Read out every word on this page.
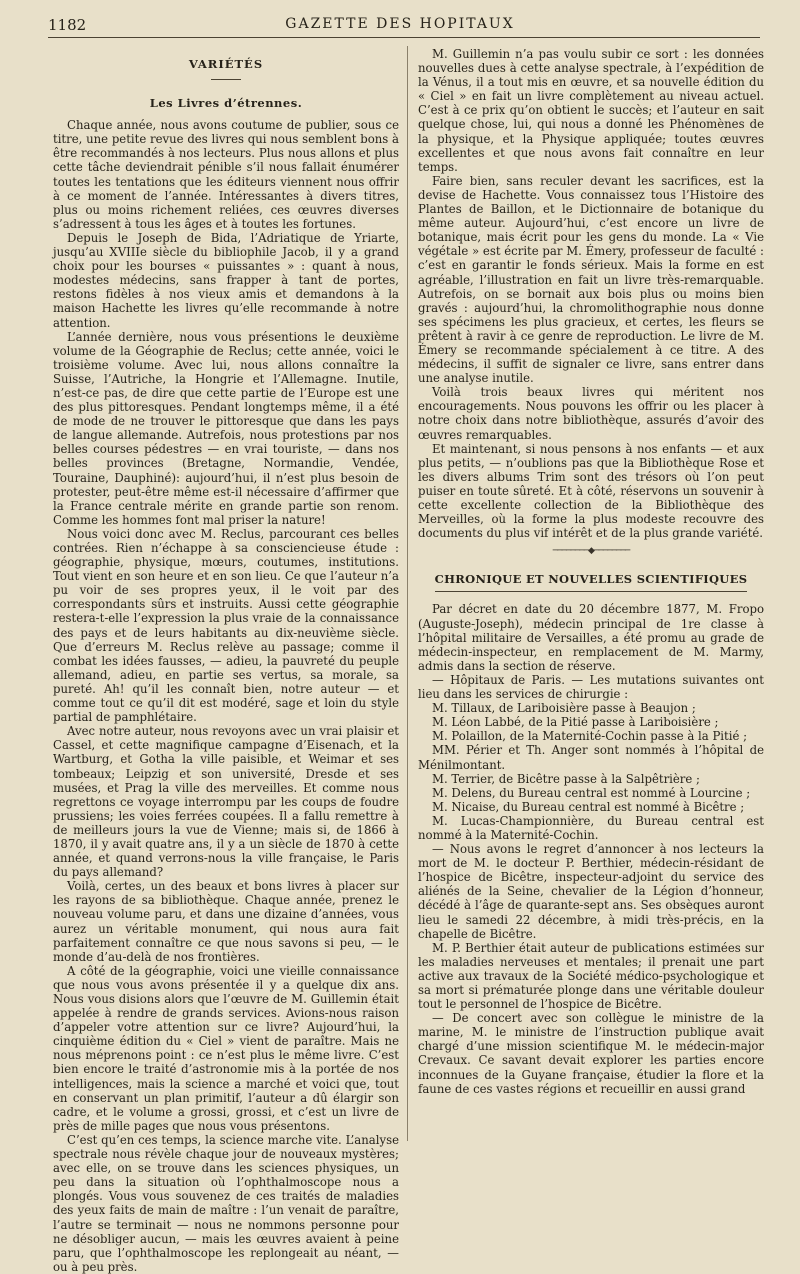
1182	GAZETTE DES HOPITAUX
VARIÉTÉS
Les Livres d’étrennes.

Chaque année, nous avons coutume de publier, sous ce titre, une petite revue des livres qui nous semblent bons à être recommandés à nos lecteurs. Plus nous allons et plus cette tâche deviendrait pénible s’il nous fallait énumérer toutes les tentations que les éditeurs viennent nous offrir à ce moment de l’année. Intéressantes à divers titres, plus ou moins richement reliées, ces œuvres diverses s’adressent à tous les âges et à toutes les fortunes.

Depuis le Joseph de Bida, l’Adriatique de Yriarte, jusqu’au XVIIIe siècle du bibliophile Jacob, il y a grand choix pour les bourses « puissantes » : quant à nous, modestes médecins, sans frapper à tant de portes, restons fidèles à nos vieux amis et demandons à la maison Hachette les livres qu’elle recommande à notre attention.

L’année dernière, nous vous présentions le deuxième volume de la Géographie de Reclus; cette année, voici le troisième volume. Avec lui, nous allons connaître la Suisse, l’Autriche, la Hongrie et l’Allemagne. Inutile, n’est-ce pas, de dire que cette partie de l’Europe est une des plus pittoresques. Pendant longtemps même, il a été de mode de ne trouver le pittoresque que dans les pays de langue allemande. Autrefois, nous protestions par nos belles courses pédestres — en vrai touriste, — dans nos belles provinces (Bretagne, Normandie, Vendée, Touraine, Dauphiné): aujourd’hui, il n’est plus besoin de protester, peut-être même est-il nécessaire d’affirmer que la France centrale mérite en grande partie son renom. Comme les hommes font mal priser la nature!

Nous voici donc avec M. Reclus, parcourant ces belles contrées. Rien n’échappe à sa consciencieuse étude : géographie, physique, mœurs, coutumes, institutions. Tout vient en son heure et en son lieu. Ce que l’auteur n’a pu voir de ses propres yeux, il le voit par des correspondants sûrs et instruits. Aussi cette géographie restera-t-elle l’expression la plus vraie de la connaissance des pays et de leurs habitants au dix-neuvième siècle. Que d’erreurs M. Reclus relève au passage; comme il combat les idées fausses, — adieu, la pauvreté du peuple allemand, adieu, en partie ses vertus, sa morale, sa pureté. Ah! qu’il les connaît bien, notre auteur — et comme tout ce qu’il dit est modéré, sage et loin du style partial de pamphlétaire.

Avec notre auteur, nous revoyons avec un vrai plaisir et Cassel, et cette magnifique campagne d’Eisenach, et la Wartburg, et Gotha la ville paisible, et Weimar et ses tombeaux; Leipzig et son université, Dresde et ses musées, et Prag la ville des merveilles. Et comme nous regrettons ce voyage interrompu par les coups de foudre prussiens; les voies ferrées coupées. Il a fallu remettre à de meilleurs jours la vue de Vienne; mais si, de 1866 à 1870, il y avait quatre ans, il y a un siècle de 1870 à cette année, et quand verrons-nous la ville française, le Paris du pays allemand?

Voilà, certes, un des beaux et bons livres à placer sur les rayons de sa bibliothèque. Chaque année, prenez le nouveau volume paru, et dans une dizaine d’années, vous aurez un véritable monument, qui nous aura fait parfaitement connaître ce que nous savons si peu, — le monde d’au-delà de nos frontières.

A côté de la géographie, voici une vieille connaissance que nous vous avons présentée il y a quelque dix ans. Nous vous disions alors que l’œuvre de M. Guillemin était appelée à rendre de grands services. Avions-nous raison d’appeler votre attention sur ce livre? Aujourd’hui, la cinquième édition du « Ciel » vient de paraître. Mais ne nous méprenons point : ce n’est plus le même livre. C’est bien encore le traité d’astronomie mis à la portée de nos intelligences, mais la science a marché et voici que, tout en conservant un plan primitif, l’auteur a dû élargir son cadre, et le volume a grossi, grossi, et c’est un livre de près de mille pages que nous vous présentons.

C’est qu’en ces temps, la science marche vite. L’analyse spectrale nous révèle chaque jour de nouveaux mystères; avec elle, on se trouve dans les sciences physiques, un peu dans la situation où l’ophthalmoscope nous a plongés. Vous vous souvenez de ces traités de maladies des yeux faits de main de maître : l’un venait de paraître, l’autre se terminait — nous ne nommons personne pour ne désobliger aucun, — mais les œuvres avaient à peine paru, que l’ophthalmoscope les replongeait au néant, — ou à peu près.

M. Guillemin n’a pas voulu subir ce sort : les données nouvelles dues à cette analyse spectrale, à l’expédition de la Vénus, il a tout mis en œuvre, et sa nouvelle édition du « Ciel » en fait un livre complètement au niveau actuel. C’est à ce prix qu’on obtient le succès; et l’auteur en sait quelque chose, lui, qui nous a donné les Phénomènes de la physique, et la Physique appliquée; toutes œuvres excellentes et que nous avons fait connaître en leur temps.

Faire bien, sans reculer devant les sacrifices, est la devise de Hachette. Vous connaissez tous l’Histoire des Plantes de Baillon, et le Dictionnaire de botanique du même auteur. Aujourd’hui, c’est encore un livre de botanique, mais écrit pour les gens du monde. La « Vie végétale » est écrite par M. Émery, professeur de faculté : c’est en garantir le fonds sérieux. Mais la forme en est agréable, l’illustration en fait un livre très-remarquable. Autrefois, on se bornait aux bois plus ou moins bien gravés : aujourd’hui, la chromolithographie nous donne ses spécimens les plus gracieux, et certes, les fleurs se prêtent à ravir à ce genre de reproduction. Le livre de M. Émery se recommande spécialement à ce titre. A des médecins, il suffit de signaler ce livre, sans entrer dans une analyse inutile.

Voilà trois beaux livres qui méritent nos encouragements. Nous pouvons les offrir ou les placer à notre choix dans notre bibliothèque, assurés d’avoir des œuvres remarquables.

Et maintenant, si nous pensons à nos enfants — et aux plus petits, — n’oublions pas que la Bibliothèque Rose et les divers albums Trim sont des trésors où l’on peut puiser en toute sûreté. Et à côté, réservons un souvenir à cette excellente collection de la Bibliothèque des Merveilles, où la forme la plus modeste recouvre des documents du plus vif intérêt et de la plus grande variété.

────────◆────────
CHRONIQUE ET NOUVELLES SCIENTIFIQUES

Par décret en date du 20 décembre 1877, M. Fropo (Auguste-Joseph), médecin principal de 1re classe à l’hôpital militaire de Versailles, a été promu au grade de médecin-inspecteur, en remplacement de M. Marmy, admis dans la section de réserve.

— Hôpitaux de Paris. — Les mutations suivantes ont lieu dans les services de chirurgie :

M. Tillaux, de Lariboisière passe à Beaujon ;

M. Léon Labbé, de la Pitié passe à Lariboisière ;

M. Polaillon, de la Maternité-Cochin passe à la Pitié ;

MM. Périer et Th. Anger sont nommés à l’hôpital de Ménilmontant.

M. Terrier, de Bicêtre passe à la Salpêtrière ;

M. Delens, du Bureau central est nommé à Lourcine ;

M. Nicaise, du Bureau central est nommé à Bicêtre ;

M. Lucas-Championnière, du Bureau central est nommé à la Maternité-Cochin.

— Nous avons le regret d’annoncer à nos lecteurs la mort de M. le docteur P. Berthier, médecin-résidant de l’hospice de Bicêtre, inspecteur-adjoint du service des aliénés de la Seine, chevalier de la Légion d’honneur, décédé à l’âge de quarante-sept ans. Ses obsèques auront lieu le samedi 22 décembre, à midi très-précis, en la chapelle de Bicêtre.

M. P. Berthier était auteur de publications estimées sur les maladies nerveuses et mentales; il prenait une part active aux travaux de la Société médico-psychologique et sa mort si prématurée plonge dans une véritable douleur tout le personnel de l’hospice de Bicêtre.

— De concert avec son collègue le ministre de la marine, M. le ministre de l’instruction publique avait chargé d’une mission scientifique M. le médecin-major Crevaux. Ce savant devait explorer les parties encore inconnues de la Guyane française, étudier la flore et la faune de ces vastes régions et recueillir en aussi grand
